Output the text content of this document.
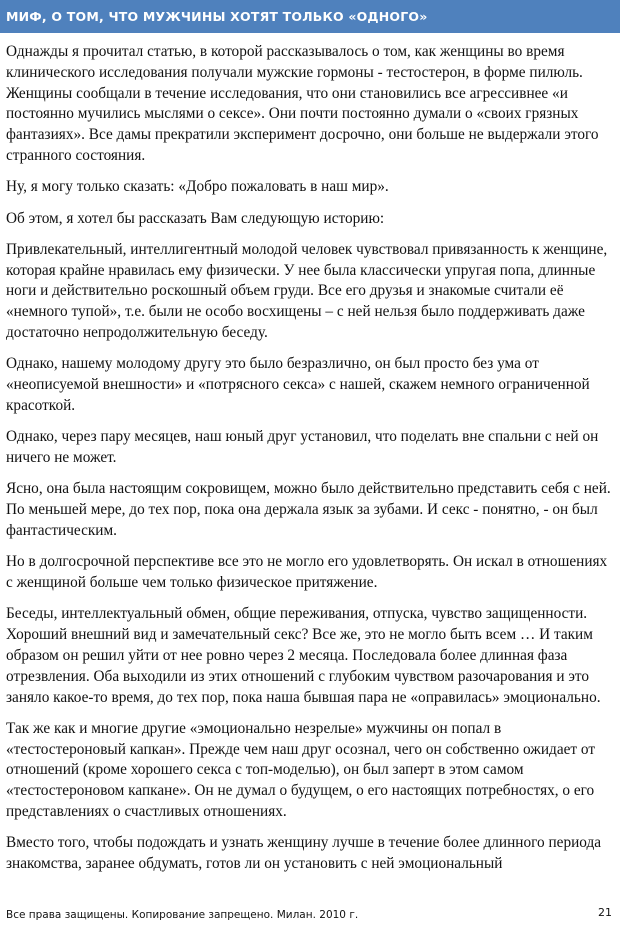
МИФ, О ТОМ, ЧТО МУЖЧИНЫ ХОТЯТ ТОЛЬКО «ОДНОГО»

Однажды я прочитал статью, в которой рассказывалось о том, как женщины во время клинического исследования получали мужские гормоны - тестостерон, в форме пилюль. Женщины сообщали в течение исследования, что они становились все агрессивнее «и постоянно мучились мыслями о сексе». Они почти постоянно думали о «своих грязных фантазиях». Все дамы прекратили эксперимент досрочно, они больше не выдержали этого странного состояния.

Ну, я могу только сказать: «Добро пожаловать в наш мир».

Об этом, я хотел бы рассказать Вам следующую историю:

Привлекательный, интеллигентный молодой человек чувствовал привязанность к женщине, которая крайне нравилась ему физически. У нее была классически упругая попа, длинные ноги и действительно роскошный объем груди. Все его друзья и знакомые считали её «немного тупой», т.е. были не особо восхищены – с ней нельзя было поддерживать даже достаточно непродолжительную беседу.

Однако, нашему молодому другу это было безразлично, он был просто без ума от «неописуемой внешности» и «потрясного секса» с нашей, скажем немного ограниченной красоткой.

Однако, через пару месяцев, наш юный друг установил, что поделать вне спальни с ней он ничего не может.

Ясно, она была настоящим сокровищем, можно было действительно представить себя с ней. По меньшей мере, до тех пор, пока она держала язык за зубами. И секс - понятно, - он был фантастическим.

Но в долгосрочной перспективе все это не могло его удовлетворять. Он искал в отношениях с женщиной больше чем только физическое притяжение.

Беседы, интеллектуальный обмен, общие переживания, отпуска, чувство защищенности. Хороший внешний вид и замечательный секс? Все же, это не могло быть всем … И таким образом он решил уйти от нее ровно через 2 месяца. Последовала более длинная фаза отрезвления. Оба выходили из этих отношений с глубоким чувством разочарования и это заняло какое-то время, до тех пор, пока наша бывшая пара не «оправилась» эмоционально.

Так же как и многие другие «эмоционально незрелые» мужчины он попал в «тестостероновый капкан». Прежде чем наш друг осознал, чего он собственно ожидает от отношений (кроме хорошего секса с топ-моделью), он был заперт в этом самом «тестостероновом капкане». Он не думал о будущем, о его настоящих потребностях, о его представлениях о счастливых отношениях.

Вместо того, чтобы подождать и узнать женщину лучше в течение более длинного периода знакомства, заранее обдумать, готов ли он установить с ней эмоциональный

Все права защищены. Копирование запрещено. Милан. 2010 г.	21
